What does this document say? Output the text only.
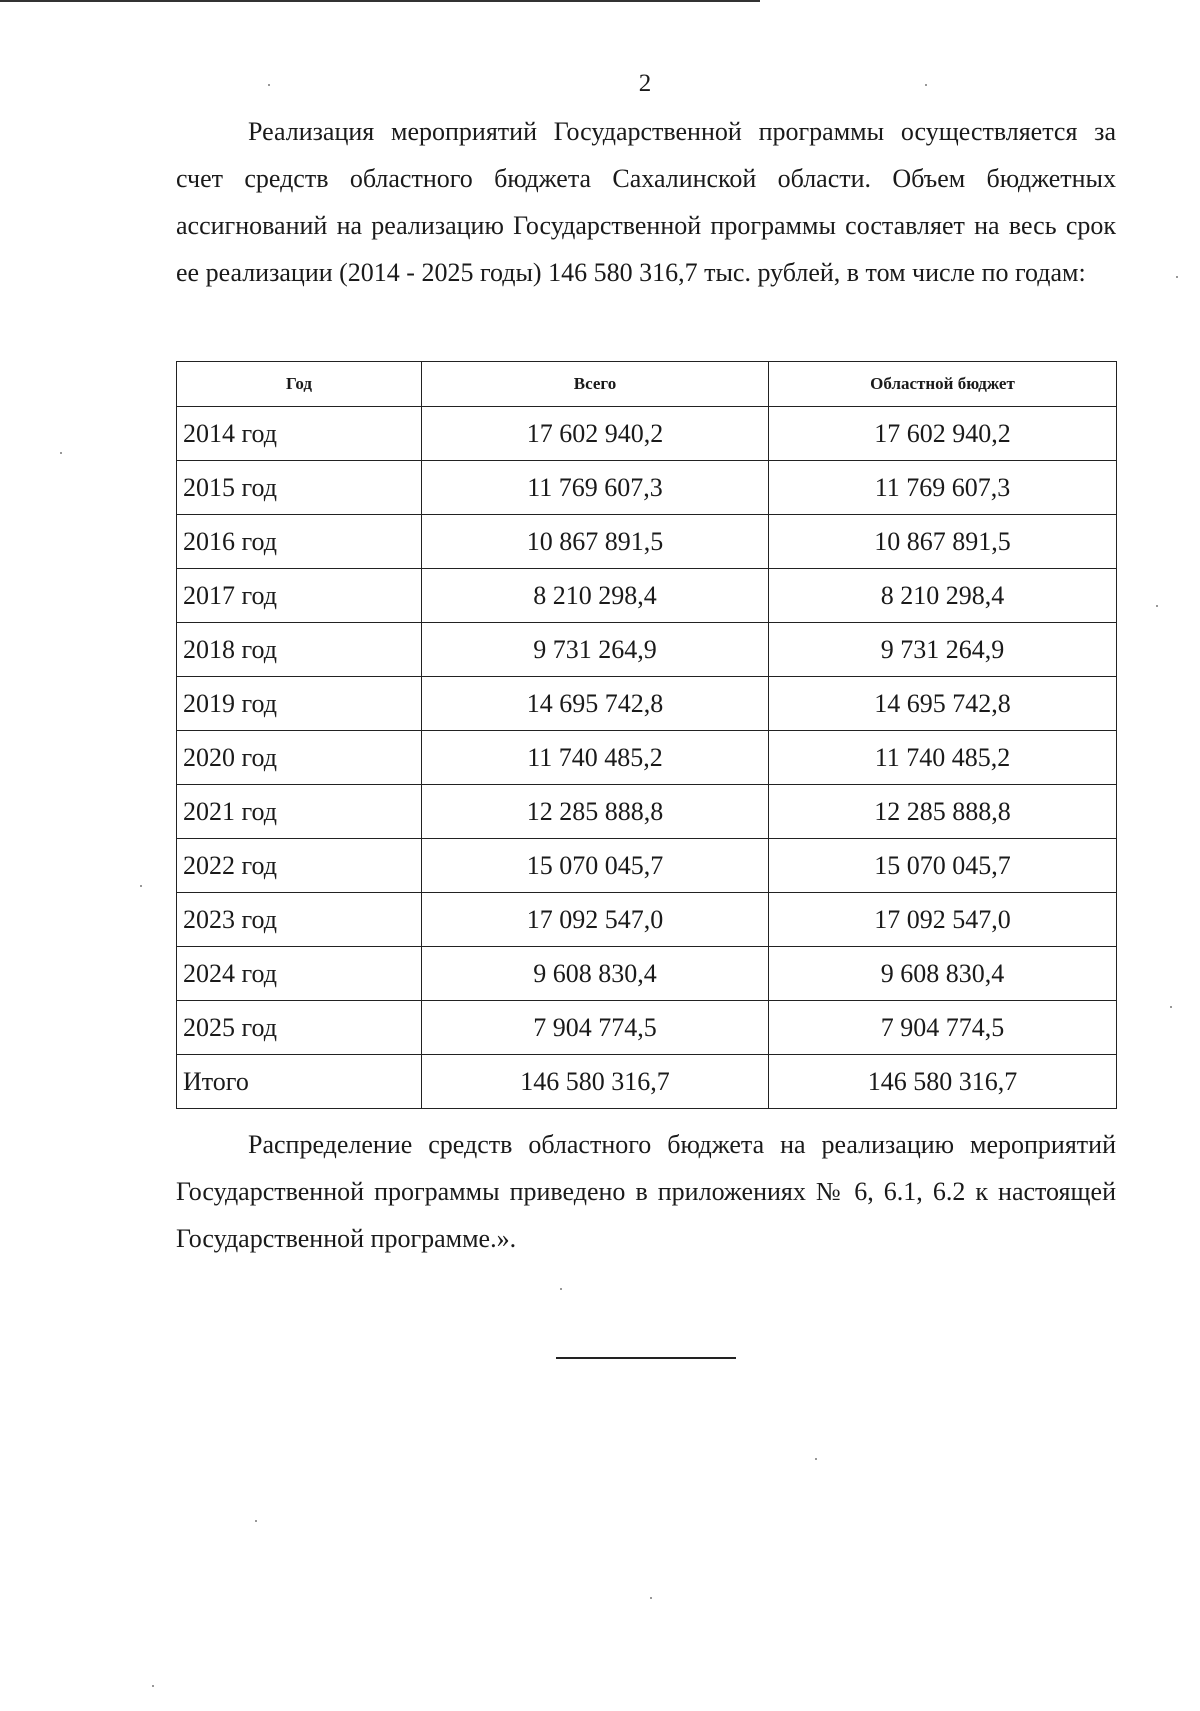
2

Реализация мероприятий Государственной программы осуществляется за счет средств областного бюджета Сахалинской области. Объем бюджетных ассигнований на реализацию Государственной программы составляет на весь срок ее реализации (2014 - 2025 годы) 146 580 316,7 тыс. рублей, в том числе по годам:

Год	Всего	Областной бюджет
2014 год	17 602 940,2	17 602 940,2
2015 год	11 769 607,3	11 769 607,3
2016 год	10 867 891,5	10 867 891,5
2017 год	8 210 298,4	8 210 298,4
2018 год	9 731 264,9	9 731 264,9
2019 год	14 695 742,8	14 695 742,8
2020 год	11 740 485,2	11 740 485,2
2021 год	12 285 888,8	12 285 888,8
2022 год	15 070 045,7	15 070 045,7
2023 год	17 092 547,0	17 092 547,0
2024 год	9 608 830,4	9 608 830,4
2025 год	7 904 774,5	7 904 774,5
Итого	146 580 316,7	146 580 316,7

Распределение средств областного бюджета на реализацию мероприятий Государственной программы приведено в приложениях № 6, 6.1, 6.2 к настоящей Государственной программе.».
